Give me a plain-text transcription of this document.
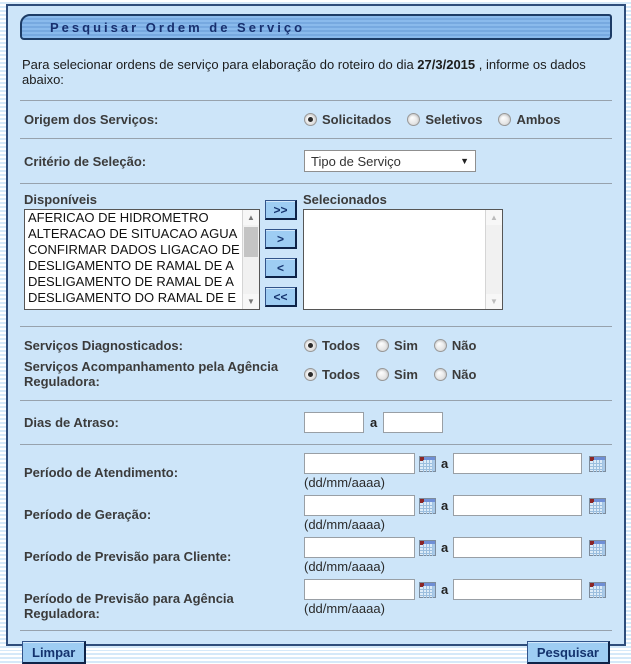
Pesquisar Ordem de Serviço
Para selecionar ordens de serviço para elaboração do roteiro do dia 27/3/2015 , informe os dados abaixo:
Origem dos Serviços:	Solicitados	Seletivos	Ambos
Critério de Seleção:	Tipo de Serviço	▼
Disponíveis
AFERICAO DE HIDROMETRO
ALTERACAO DE SITUACAO AGUA
CONFIRMAR DADOS LIGACAO DE
DESLIGAMENTO DE RAMAL DE A
DESLIGAMENTO DE RAMAL DE A
DESLIGAMENTO DO RAMAL DE E
▲
▼
>>
>
<
<<
Selecionados
▲
▼
Serviços Diagnosticados:	Todos	Sim	Não
Serviços Acompanhamento pela Agência Reguladora:	Todos	Sim	Não
Dias de Atraso:	a
Período de Atendimento:
a
(dd/mm/aaaa)
Período de Geração:
a
(dd/mm/aaaa)
Período de Previsão para Cliente:
a
(dd/mm/aaaa)
Período de Previsão para Agência Reguladora:
a
(dd/mm/aaaa)
Limpar	Pesquisar
